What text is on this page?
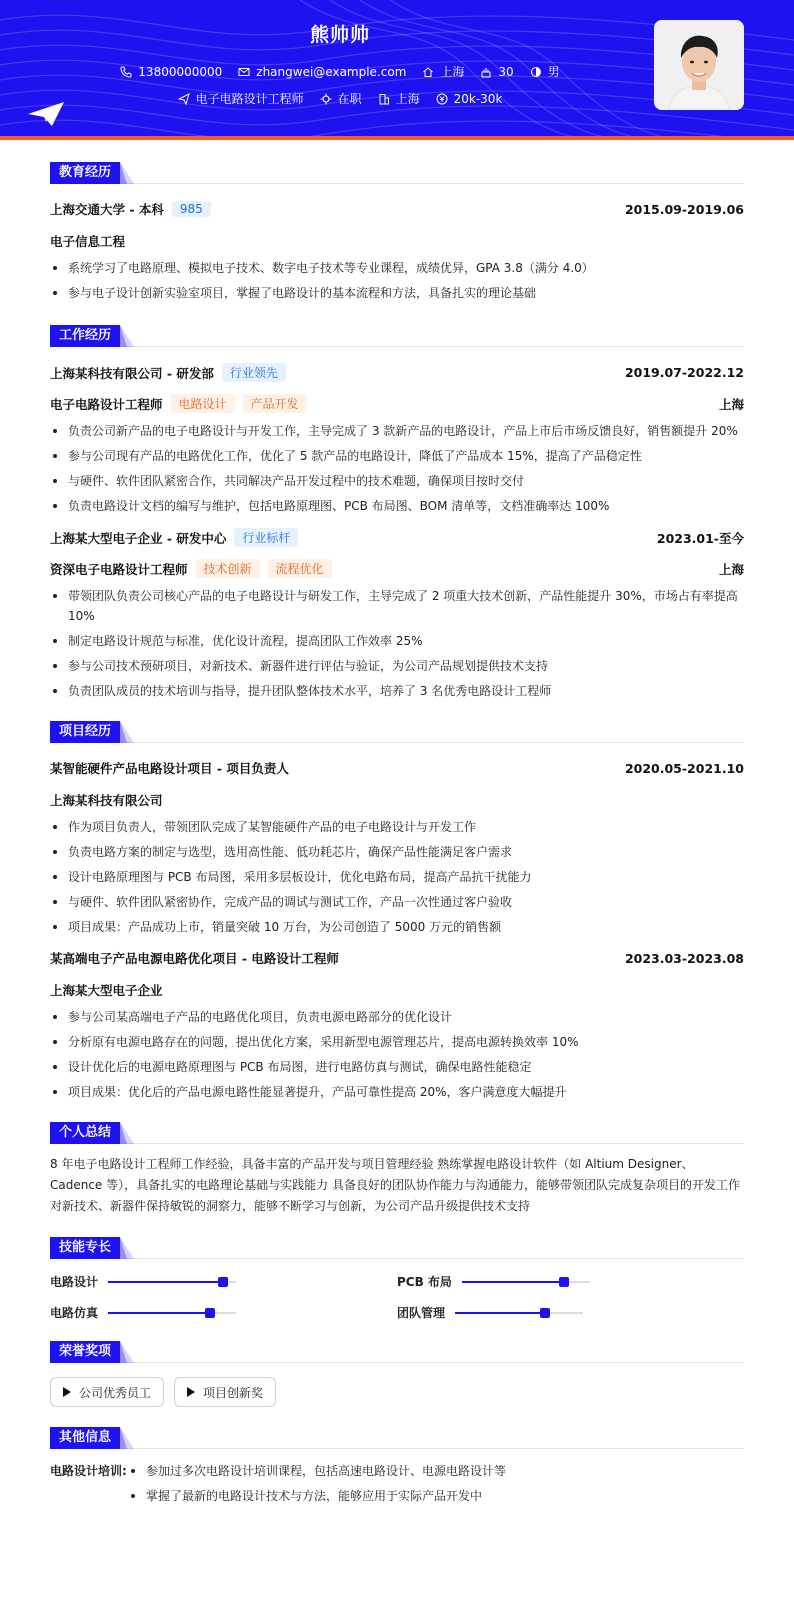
熊帅帅
13800000000	zhangwei@example.com	上海	30	男
电子电路设计工程师	在职	上海	20k-30k
教育经历
上海交通大学 - 本科	985	2015.09-2019.06
电子信息工程
系统学习了电路原理、模拟电子技术、数字电子技术等专业课程，成绩优异，GPA 3.8（满分 4.0）
参与电子设计创新实验室项目，掌握了电路设计的基本流程和方法，具备扎实的理论基础
工作经历
上海某科技有限公司 - 研发部	行业领先	2019.07-2022.12
电子电路设计工程师	电路设计	产品开发	上海
负责公司新产品的电子电路设计与开发工作，主导完成了 3 款新产品的电路设计，产品上市后市场反馈良好，销售额提升 20%
参与公司现有产品的电路优化工作，优化了 5 款产品的电路设计，降低了产品成本 15%，提高了产品稳定性
与硬件、软件团队紧密合作，共同解决产品开发过程中的技术难题，确保项目按时交付
负责电路设计文档的编写与维护，包括电路原理图、PCB 布局图、BOM 清单等，文档准确率达 100%
上海某大型电子企业 - 研发中心	行业标杆	2023.01-至今
资深电子电路设计工程师	技术创新	流程优化	上海
带领团队负责公司核心产品的电子电路设计与研发工作，主导完成了 2 项重大技术创新，产品性能提升 30%，市场占有率提高 10%
制定电路设计规范与标准，优化设计流程，提高团队工作效率 25%
参与公司技术预研项目，对新技术、新器件进行评估与验证，为公司产品规划提供技术支持
负责团队成员的技术培训与指导，提升团队整体技术水平，培养了 3 名优秀电路设计工程师
项目经历
某智能硬件产品电路设计项目 - 项目负责人	2020.05-2021.10
上海某科技有限公司
作为项目负责人，带领团队完成了某智能硬件产品的电子电路设计与开发工作
负责电路方案的制定与选型，选用高性能、低功耗芯片，确保产品性能满足客户需求
设计电路原理图与 PCB 布局图，采用多层板设计，优化电路布局，提高产品抗干扰能力
与硬件、软件团队紧密协作，完成产品的调试与测试工作，产品一次性通过客户验收
项目成果：产品成功上市，销量突破 10 万台，为公司创造了 5000 万元的销售额
某高端电子产品电源电路优化项目 - 电路设计工程师	2023.03-2023.08
上海某大型电子企业
参与公司某高端电子产品的电路优化项目，负责电源电路部分的优化设计
分析原有电源电路存在的问题，提出优化方案，采用新型电源管理芯片，提高电源转换效率 10%
设计优化后的电源电路原理图与 PCB 布局图，进行电路仿真与测试，确保电路性能稳定
项目成果：优化后的产品电源电路性能显著提升，产品可靠性提高 20%，客户满意度大幅提升
个人总结
8 年电子电路设计工程师工作经验，具备丰富的产品开发与项目管理经验 熟练掌握电路设计软件（如 Altium Designer、Cadence 等），具备扎实的电路理论基础与实践能力 具备良好的团队协作能力与沟通能力，能够带领团队完成复杂项目的开发工作 对新技术、新器件保持敏锐的洞察力，能够不断学习与创新，为公司产品升级提供技术支持
技能专长
电路设计	PCB 布局
电路仿真	团队管理
荣誉奖项
公司优秀员工	项目创新奖
其他信息
电路设计培训:	参加过多次电路设计培训课程，包括高速电路设计、电源电路设计等
掌握了最新的电路设计技术与方法，能够应用于实际产品开发中
